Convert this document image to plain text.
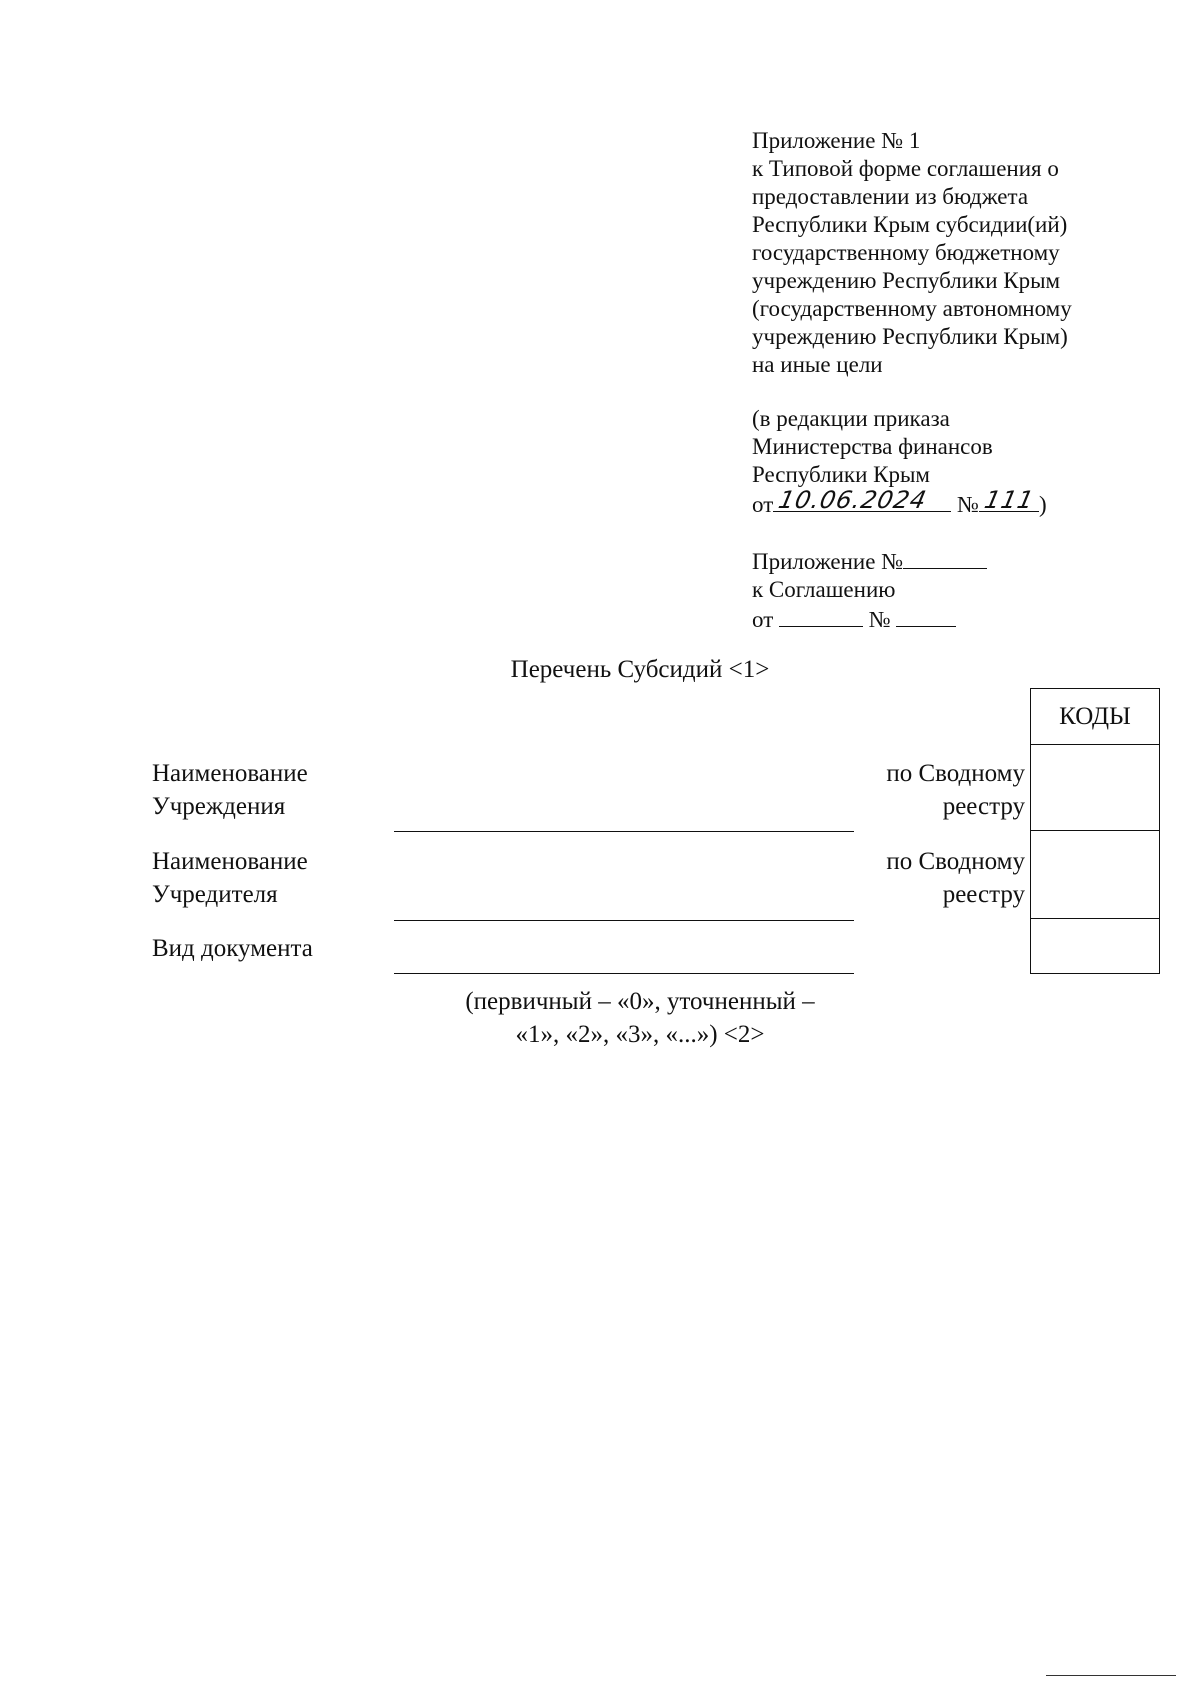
Приложение № 1
к Типовой форме соглашения о
предоставлении из бюджета
Республики Крым субсидии(ий)
государственному бюджетному
учреждению Республики Крым
(государственному автономному
учреждению Республики Крым)
на иные цели
(в редакции приказа
Министерства финансов
Республики Крым
от 10.06.2024 № 111 )
Приложение №
к Соглашению
от	№
Перечень Субсидий <1>
КОДЫ
Наименование
Учреждения
по Сводному
реестру
Наименование
Учредителя
по Сводному
реестру
Вид документа
(первичный – «0», уточненный –
«1», «2», «3», «...») <2>
